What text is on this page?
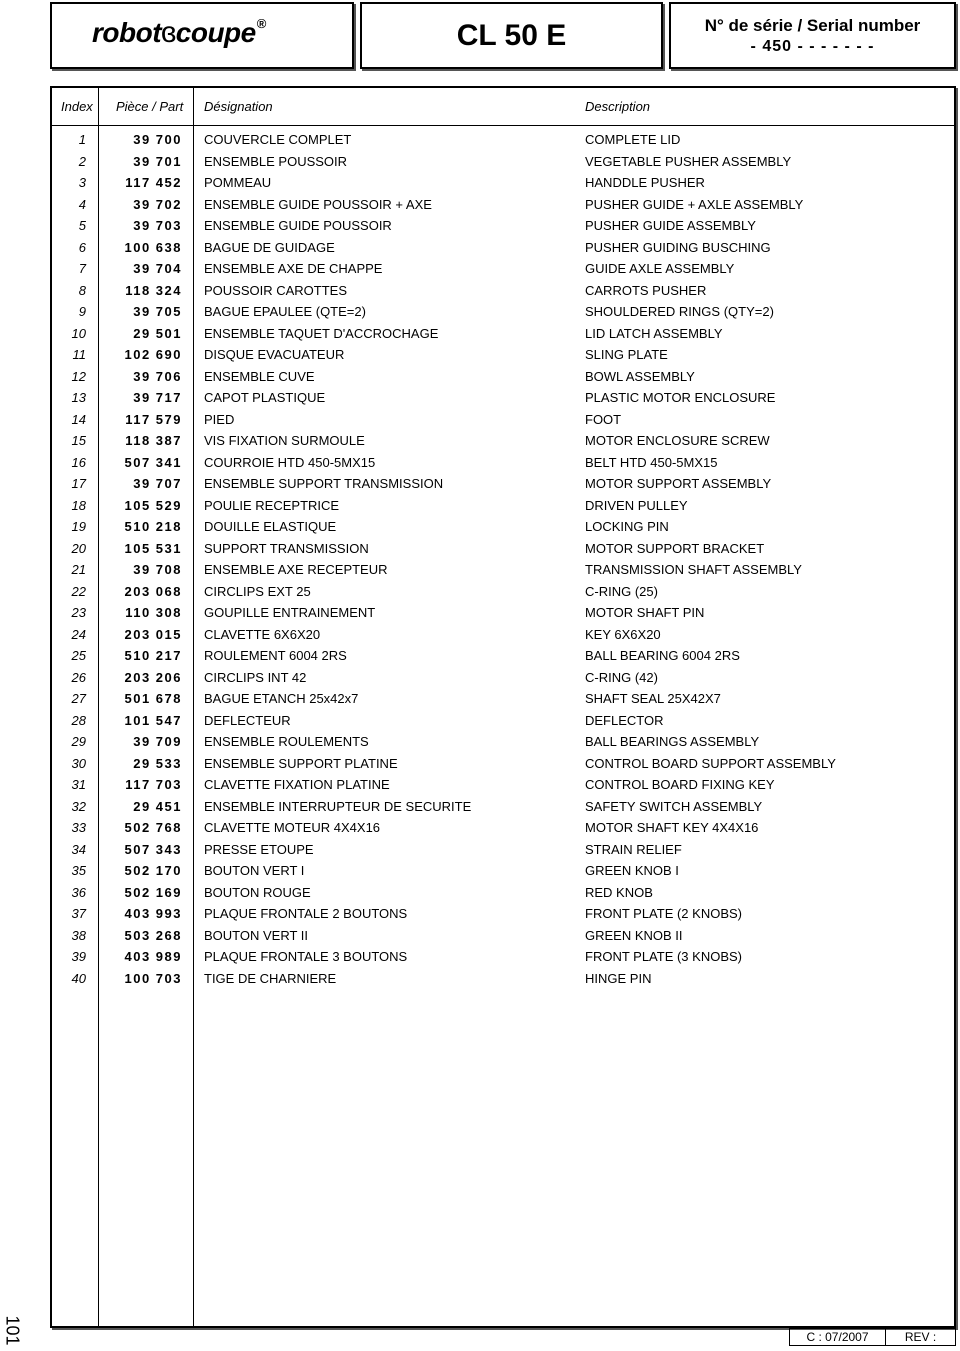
robotɞcoupe®	CL 50 E	N° de série / Serial number
- 450 - - - - - - -
Index Pièce / Part Désignation	Description
1	39 700 COUVERCLE COMPLET	COMPLETE LID
2	39 701 ENSEMBLE POUSSOIR	VEGETABLE PUSHER ASSEMBLY
3	117 452 POMMEAU	HANDDLE PUSHER
4	39 702 ENSEMBLE GUIDE POUSSOIR + AXE	PUSHER GUIDE + AXLE ASSEMBLY
5	39 703 ENSEMBLE GUIDE POUSSOIR	PUSHER GUIDE ASSEMBLY
6	100 638 BAGUE DE GUIDAGE	PUSHER GUIDING BUSCHING
7	39 704 ENSEMBLE AXE DE CHAPPE	GUIDE AXLE ASSEMBLY
8	118 324 POUSSOIR CAROTTES	CARROTS PUSHER
9	39 705 BAGUE EPAULEE (QTE=2)	SHOULDERED RINGS (QTY=2)
10	29 501 ENSEMBLE TAQUET D'ACCROCHAGE	LID LATCH ASSEMBLY
11	102 690 DISQUE EVACUATEUR	SLING PLATE
12	39 706 ENSEMBLE CUVE	BOWL ASSEMBLY
13	39 717 CAPOT PLASTIQUE	PLASTIC MOTOR ENCLOSURE
14	117 579 PIED	FOOT
15	118 387 VIS FIXATION SURMOULE	MOTOR ENCLOSURE SCREW
16	507 341 COURROIE HTD 450-5MX15	BELT HTD 450-5MX15
17	39 707 ENSEMBLE SUPPORT TRANSMISSION	MOTOR SUPPORT ASSEMBLY
18	105 529 POULIE RECEPTRICE	DRIVEN PULLEY
19	510 218 DOUILLE ELASTIQUE	LOCKING PIN
20	105 531 SUPPORT TRANSMISSION	MOTOR SUPPORT BRACKET
21	39 708 ENSEMBLE AXE RECEPTEUR	TRANSMISSION SHAFT ASSEMBLY
22	203 068 CIRCLIPS EXT 25	C-RING (25)
23	110 308 GOUPILLE ENTRAINEMENT	MOTOR SHAFT PIN
24	203 015 CLAVETTE 6X6X20	KEY 6X6X20
25	510 217 ROULEMENT 6004 2RS	BALL BEARING 6004 2RS
26	203 206 CIRCLIPS INT 42	C-RING (42)
27	501 678 BAGUE ETANCH 25x42x7	SHAFT SEAL 25X42X7
28	101 547 DEFLECTEUR	DEFLECTOR
29	39 709 ENSEMBLE ROULEMENTS	BALL BEARINGS ASSEMBLY
30	29 533 ENSEMBLE SUPPORT PLATINE	CONTROL BOARD SUPPORT ASSEMBLY
31	117 703 CLAVETTE FIXATION PLATINE	CONTROL BOARD FIXING KEY
32	29 451 ENSEMBLE INTERRUPTEUR DE SECURITE	SAFETY SWITCH ASSEMBLY
33	502 768 CLAVETTE MOTEUR 4X4X16	MOTOR SHAFT KEY 4X4X16
34	507 343 PRESSE ETOUPE	STRAIN RELIEF
35	502 170 BOUTON VERT I	GREEN KNOB I
36	502 169 BOUTON ROUGE	RED KNOB
37	403 993 PLAQUE FRONTALE 2 BOUTONS	FRONT PLATE (2 KNOBS)
38	503 268 BOUTON VERT II	GREEN KNOB II
39	403 989 PLAQUE FRONTALE 3 BOUTONS	FRONT PLATE (3 KNOBS)
40	100 703 TIGE DE CHARNIERE	HINGE PIN
101	C : 07/2007	REV :
